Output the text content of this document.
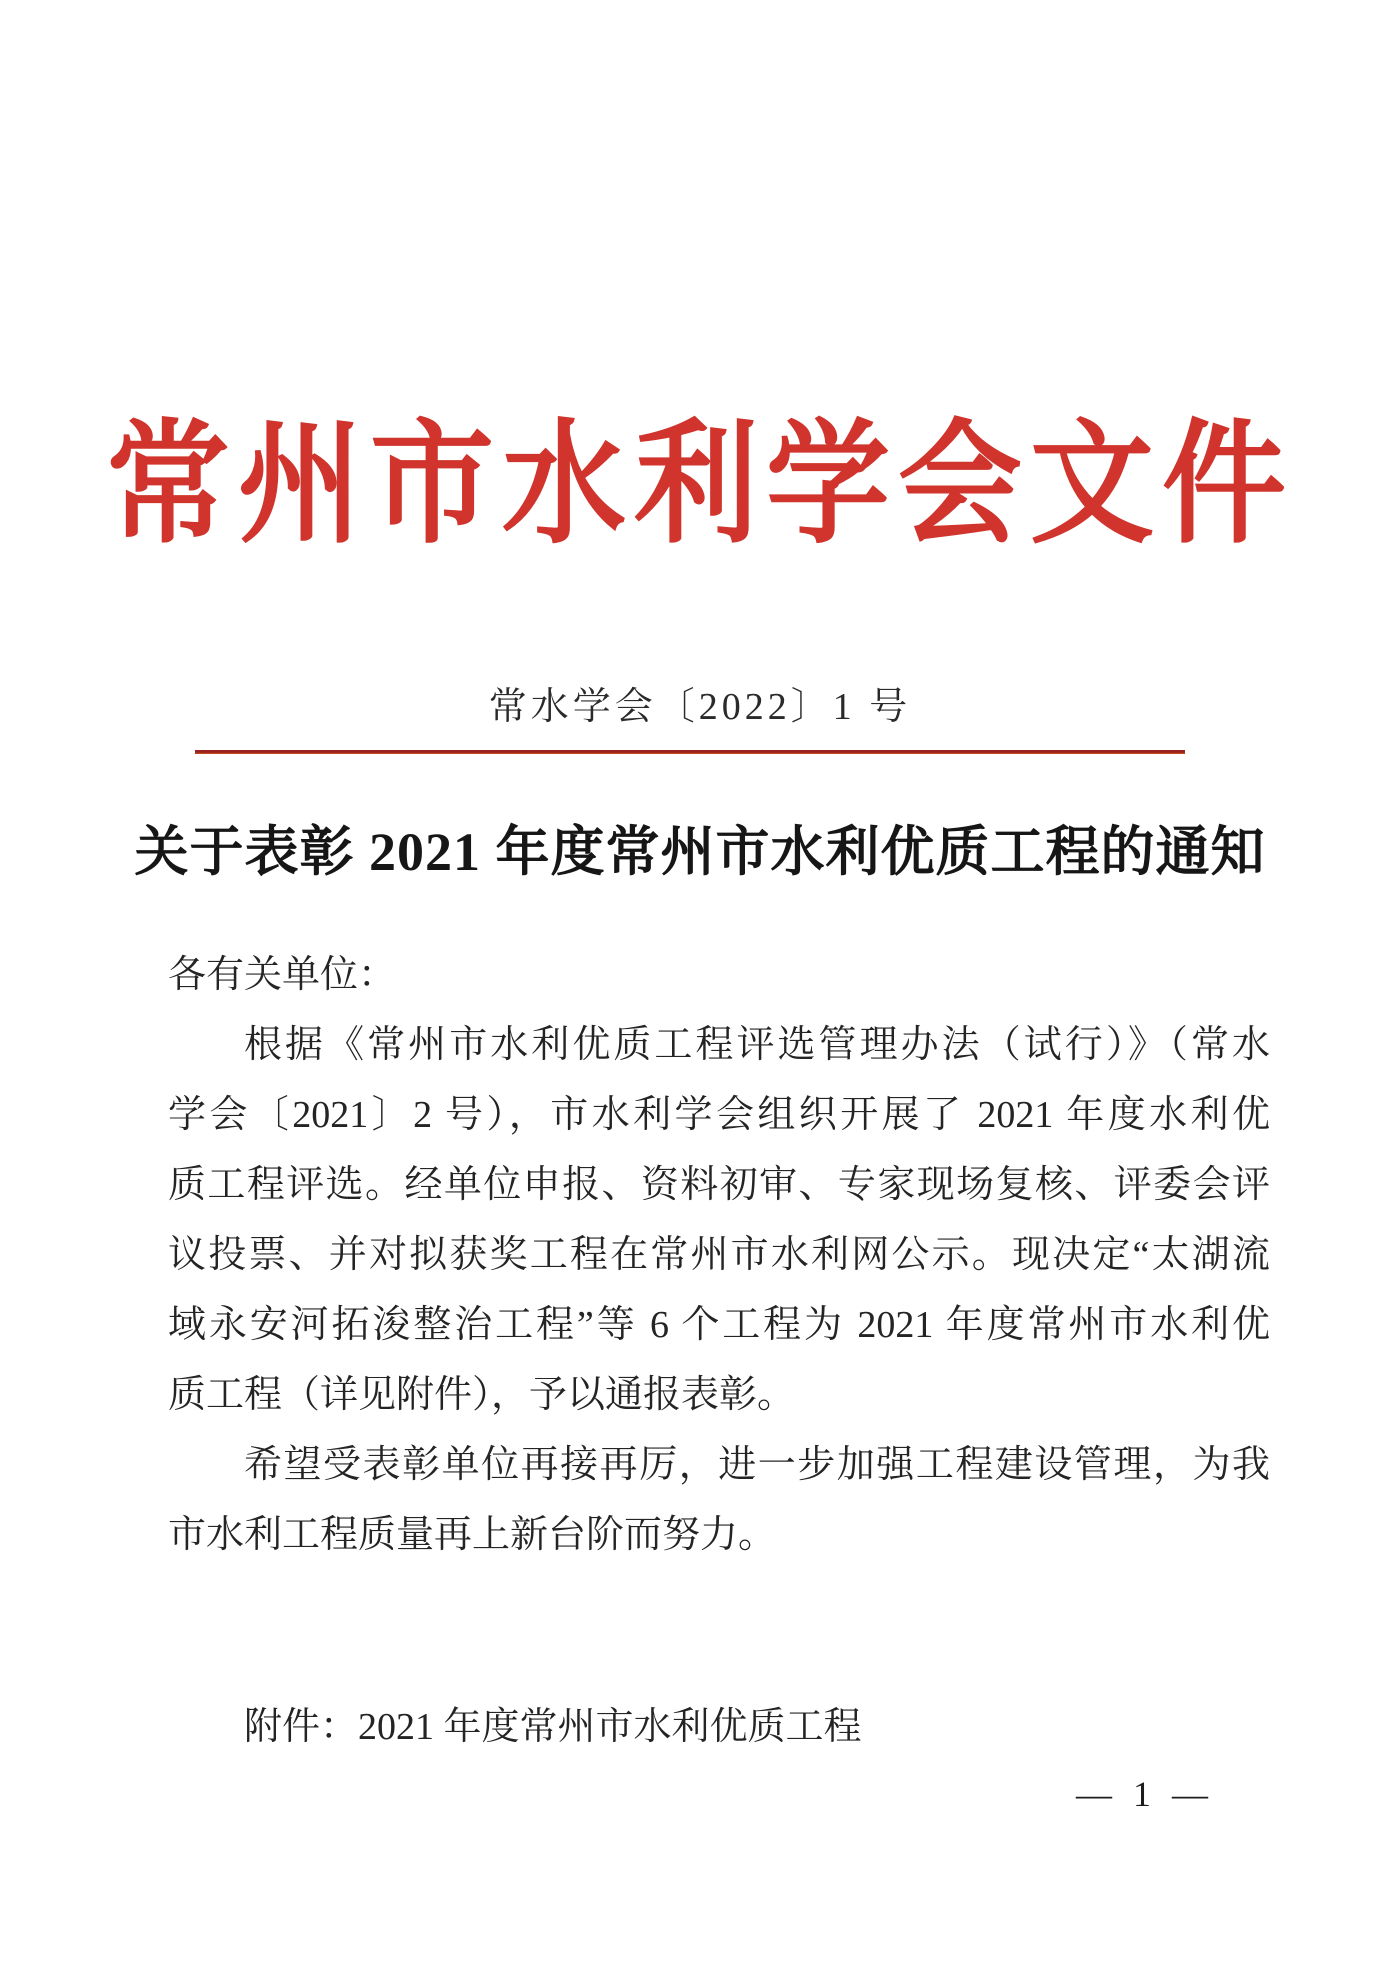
常州市水利学会文件
常水学会〔2022〕1 号
关于表彰 2021 年度常州市水利优质工程的通知
各有关单位：
根据《常州市水利优质工程评选管理办法（试行）》（常水
学会〔2021〕2 号），市水利学会组织开展了 2021 年度水利优
质工程评选。经单位申报、资料初审、专家现场复核、评委会评
议投票、并对拟获奖工程在常州市水利网公示。现决定“太湖流
域永安河拓浚整治工程”等 6 个工程为 2021 年度常州市水利优
质工程（详见附件），予以通报表彰。
希望受表彰单位再接再厉，进一步加强工程建设管理，为我
市水利工程质量再上新台阶而努力。
附件：2021 年度常州市水利优质工程
— 1 —
